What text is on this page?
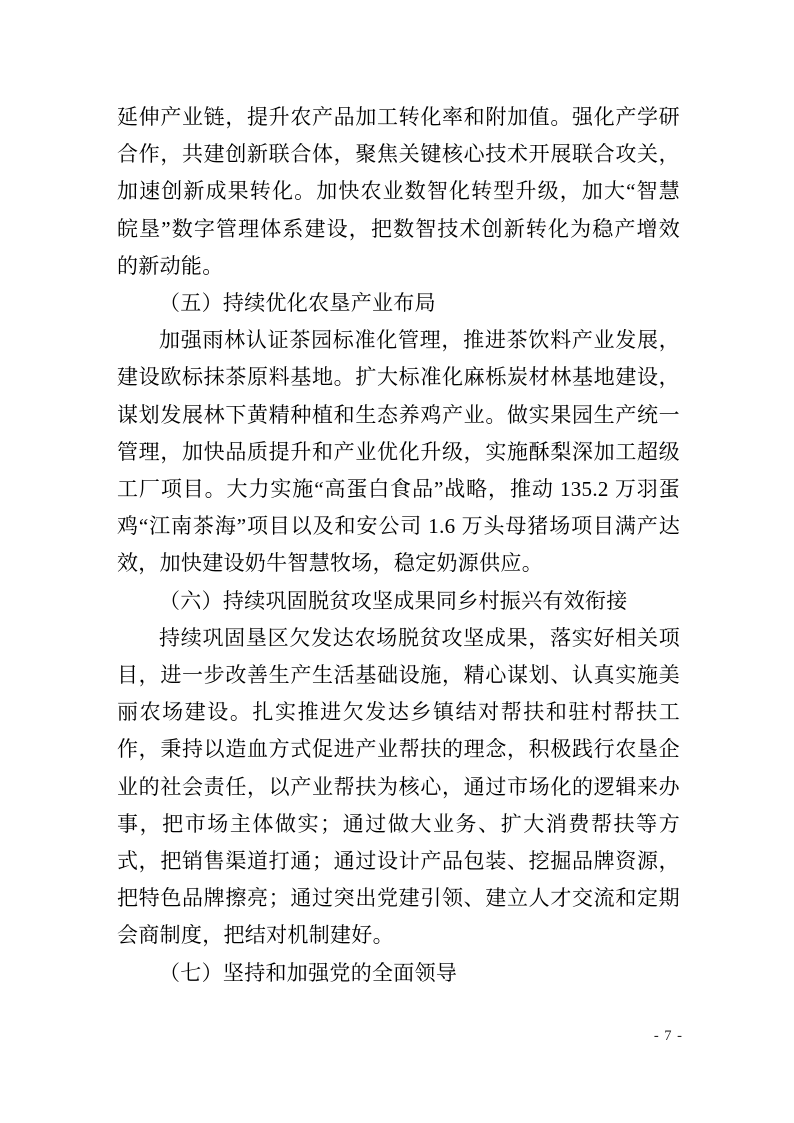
延伸产业链，提升农产品加工转化率和附加值。强化产学研合作，共建创新联合体，聚焦关键核心技术开展联合攻关，加速创新成果转化。加快农业数智化转型升级，加大“智慧皖垦”数字管理体系建设，把数智技术创新转化为稳产增效的新动能。

（五）持续优化农垦产业布局

加强雨林认证茶园标准化管理，推进茶饮料产业发展，建设欧标抹茶原料基地。扩大标准化麻栎炭材林基地建设，谋划发展林下黄精种植和生态养鸡产业。做实果园生产统一管理，加快品质提升和产业优化升级，实施酥梨深加工超级工厂项目。大力实施“高蛋白食品”战略，推动 135.2 万羽蛋鸡“江南茶海”项目以及和安公司 1.6 万头母猪场项目满产达效，加快建设奶牛智慧牧场，稳定奶源供应。

（六）持续巩固脱贫攻坚成果同乡村振兴有效衔接

持续巩固垦区欠发达农场脱贫攻坚成果，落实好相关项目，进一步改善生产生活基础设施，精心谋划、认真实施美丽农场建设。扎实推进欠发达乡镇结对帮扶和驻村帮扶工作，秉持以造血方式促进产业帮扶的理念，积极践行农垦企业的社会责任，以产业帮扶为核心，通过市场化的逻辑来办事，把市场主体做实；通过做大业务、扩大消费帮扶等方式，把销售渠道打通；通过设计产品包装、挖掘品牌资源，把特色品牌擦亮；通过突出党建引领、建立人才交流和定期会商制度，把结对机制建好。

（七）坚持和加强党的全面领导

- 7 -
